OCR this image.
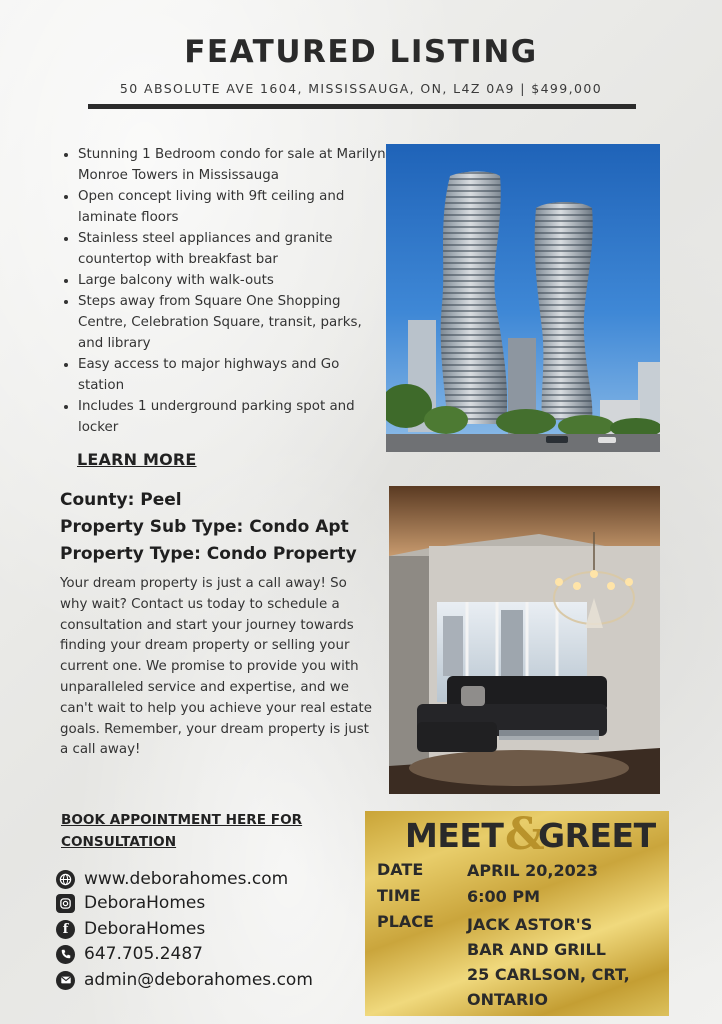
FEATURED LISTING
50 ABSOLUTE AVE 1604, MISSISSAUGA, ON, L4Z 0A9 | $499,000
• Stunning 1 Bedroom condo for sale at Marilyn Monroe Towers in Mississauga
• Open concept living with 9ft ceiling and laminate floors
• Stainless steel appliances and granite countertop with breakfast bar
• Large balcony with walk-outs
• Steps away from Square One Shopping Centre, Celebration Square, transit, parks, and library
• Easy access to major highways and Go station
• Includes 1 underground parking spot and locker
LEARN MORE
County: Peel
Property Sub Type: Condo Apt
Property Type: Condo Property
Your dream property is just a call away! So why wait? Contact us today to schedule a consultation and start your journey towards finding your dream property or selling your current one. We promise to provide you with unparalleled service and expertise, and we can't wait to help you achieve your real estate goals. Remember, your dream property is just a call away!
BOOK APPOINTMENT HERE FOR CONSULTATION
www.deborahomes.com
DeboraHomes
f DeboraHomes
647.705.2487
admin@deborahomes.com
MEET &
GREET
DATE	APRIL 20,2023
TIME	6:00 PM
PLACE JACK ASTOR'S
BAR AND GRILL
25 CARLSON, CRT,
ONTARIO
